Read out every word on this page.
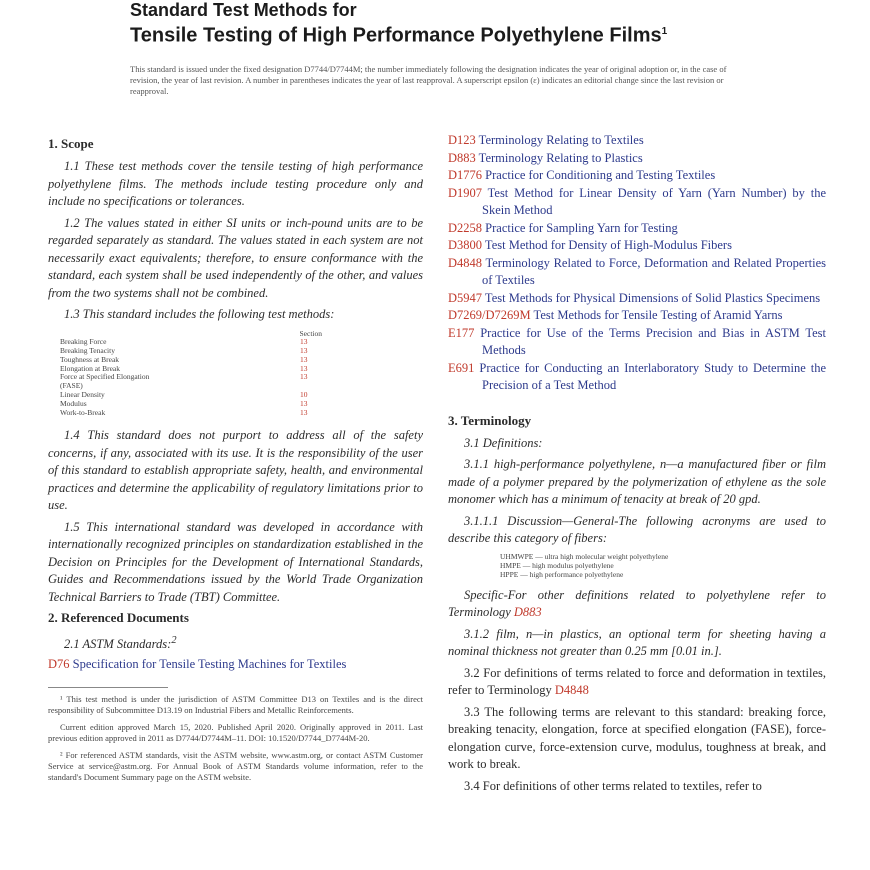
Standard Test Methods for
Tensile Testing of High Performance Polyethylene Films$^1$
This standard is issued under the fixed designation D7744/D7744M; the number immediately following the designation indicates the year of original adoption or, in the case of revision, the year of last revision. A number in parentheses indicates the year of last reapproval. A superscript epsilon (ε) indicates an editorial change since the last revision or reapproval.
1. Scope

1.1 These test methods cover the tensile testing of high performance polyethylene films. The methods include testing procedure only and include no specifications or tolerances.

1.2 The values stated in either SI units or inch-pound units are to be regarded separately as standard. The values stated in each system are not necessarily exact equivalents; therefore, to ensure conformance with the standard, each system shall be used independently of the other, and values from the two systems shall not be combined.

1.3 This standard includes the following test methods:

Section
Breaking Force	13
Breaking Tenacity	13
Toughness at Break	13
Elongation at Break	13
Force at Specified Elongation	13
(FASE)
Linear Density	10
Modulus	13
Work-to-Break	13

1.4 This standard does not purport to address all of the safety concerns, if any, associated with its use. It is the responsibility of the user of this standard to establish appropriate safety, health, and environmental practices and determine the applicability of regulatory limitations prior to use.

1.5 This international standard was developed in accordance with internationally recognized principles on standardization established in the Decision on Principles for the Development of International Standards, Guides and Recommendations issued by the World Trade Organization Technical Barriers to Trade (TBT) Committee.

2. Referenced Documents

2.1 ASTM Standards:$^2$

D76 Specification for Tensile Testing Machines for Textiles

¹ This test method is under the jurisdiction of ASTM Committee D13 on Textiles and is the direct responsibility of Subcommittee D13.19 on Industrial Fibers and Metallic Reinforcements.

Current edition approved March 15, 2020. Published April 2020. Originally approved in 2011. Last previous edition approved in 2011 as D7744/D7744M–11. DOI: 10.1520/D7744_D7744M-20.

² For referenced ASTM standards, visit the ASTM website, www.astm.org, or contact ASTM Customer Service at service@astm.org. For Annual Book of ASTM Standards volume information, refer to the standard's Document Summary page on the ASTM website.

D123 Terminology Relating to Textiles

D883 Terminology Relating to Plastics

D1776 Practice for Conditioning and Testing Textiles

D1907 Test Method for Linear Density of Yarn (Yarn Number) by the Skein Method

D2258 Practice for Sampling Yarn for Testing

D3800 Test Method for Density of High-Modulus Fibers

D4848 Terminology Related to Force, Deformation and Related Properties of Textiles

D5947 Test Methods for Physical Dimensions of Solid Plastics Specimens

D7269/D7269M Test Methods for Tensile Testing of Aramid Yarns

E177 Practice for Use of the Terms Precision and Bias in ASTM Test Methods

E691 Practice for Conducting an Interlaboratory Study to Determine the Precision of a Test Method

3. Terminology

3.1 Definitions:

3.1.1 high-performance polyethylene, n—a manufactured fiber or film made of a polymer prepared by the polymerization of ethylene as the sole monomer which has a minimum of tenacity at break of 20 gpd.

3.1.1.1 Discussion—General-The following acronyms are used to describe this category of fibers:

UHMWPE — ultra high molecular weight polyethylene
HMPE — high modulus polyethylene
HPPE — high performance polyethylene

Specific-For other definitions related to polyethylene refer to Terminology D883

3.1.2 film, n—in plastics, an optional term for sheeting having a nominal thickness not greater than 0.25 mm [0.01 in.].

3.2 For definitions of terms related to force and deformation in textiles, refer to Terminology D4848

3.3 The following terms are relevant to this standard: breaking force, breaking tenacity, elongation, force at specified elongation (FASE), force-elongation curve, force-extension curve, modulus, toughness at break, and work to break.

3.4 For definitions of other terms related to textiles, refer to
